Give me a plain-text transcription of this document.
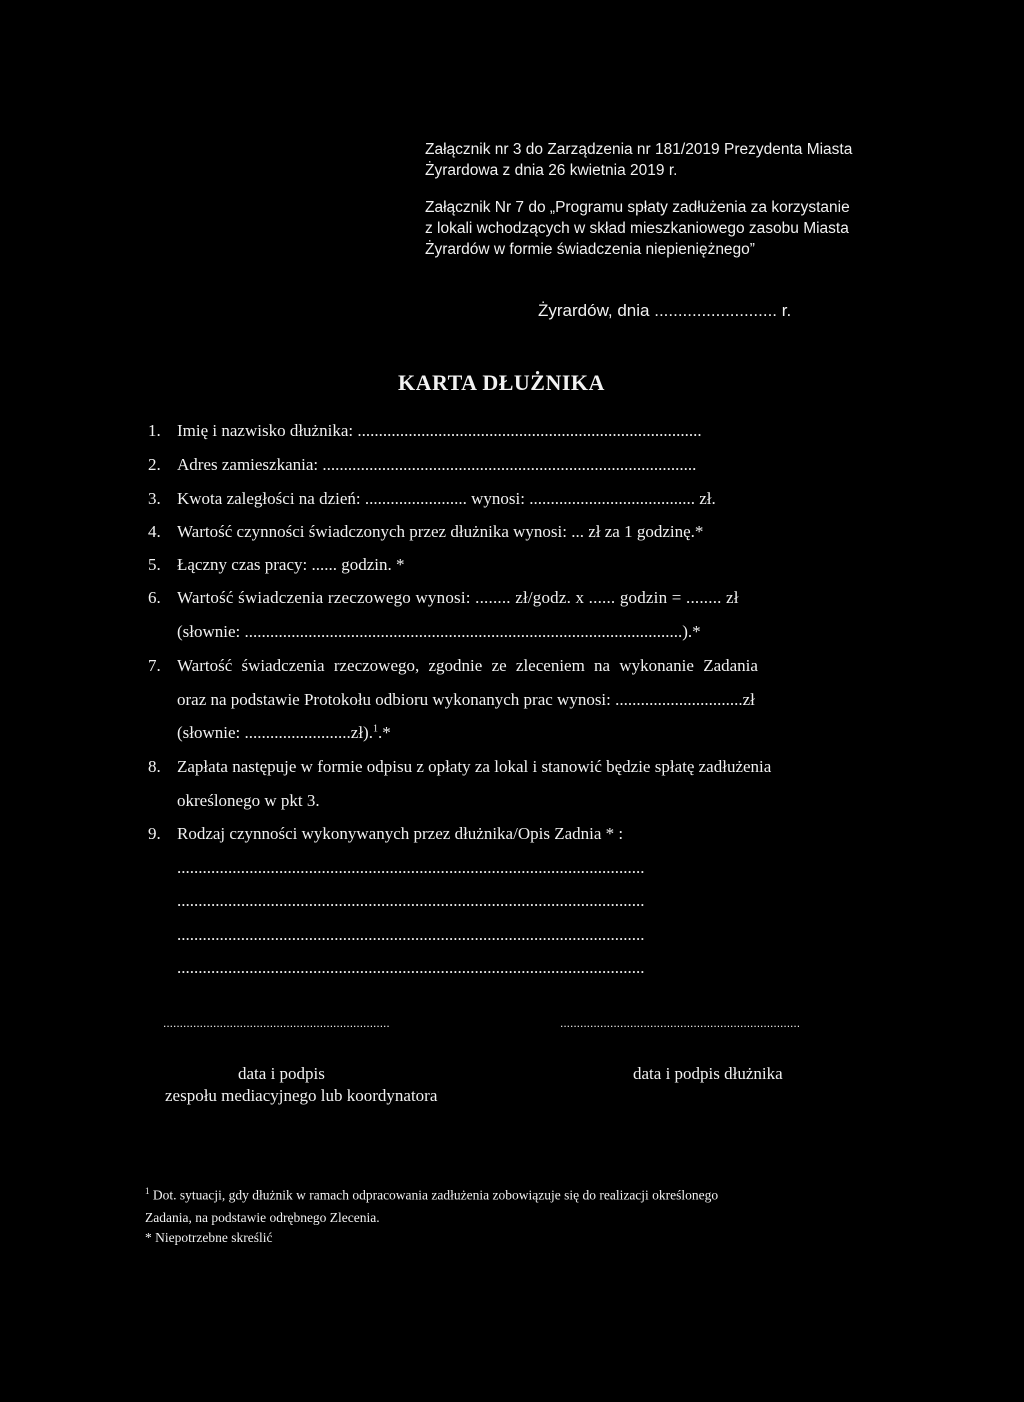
Załącznik nr 3 do Zarządzenia nr 181/2019 Prezydenta Miasta
Żyrardowa z dnia 26 kwietnia 2019 r.
Załącznik Nr 7 do „Programu spłaty zadłużenia za korzystanie
z lokali wchodzących w skład mieszkaniowego zasobu Miasta
Żyrardów w formie świadczenia niepieniężnego”
Żyrardów, dnia .......................... r.
KARTA DŁUŻNIKA
1. Imię i nazwisko dłużnika: .................................................................................
2. Adres zamieszkania: ........................................................................................
3. Kwota zaległości na dzień: ........................ wynosi: ....................................... zł.
4. Wartość czynności świadczonych przez dłużnika wynosi: ... zł za 1 godzinę.*
5. Łączny czas pracy: ...... godzin. *
6. Wartość świadczenia rzeczowego wynosi: ........ zł/godz. x ...... godzin = ........ zł
(słownie: .......................................................................................................).*
7. Wartość świadczenia rzeczowego, zgodnie ze zleceniem na wykonanie Zadania
oraz na podstawie Protokołu odbioru wykonanych prac wynosi: ..............................zł
(słownie: .........................zł).$^1$.*
8. Zapłata następuje w formie odpisu z opłaty za lokal i stanowić będzie spłatę zadłużenia
określonego w pkt 3.
9. Rodzaj czynności wykonywanych przez dłużnika/Opis Zadnia * :
..............................................................................................................
..............................................................................................................
..............................................................................................................
..............................................................................................................
....................................................................	........................................................................
data i podpis
zespołu mediacyjnego lub koordynatora
data i podpis dłużnika
$^1$ Dot. sytuacji, gdy dłużnik w ramach odpracowania zadłużenia zobowiązuje się do realizacji określonego
Zadania, na podstawie odrębnego Zlecenia.
* Niepotrzebne skreślić
